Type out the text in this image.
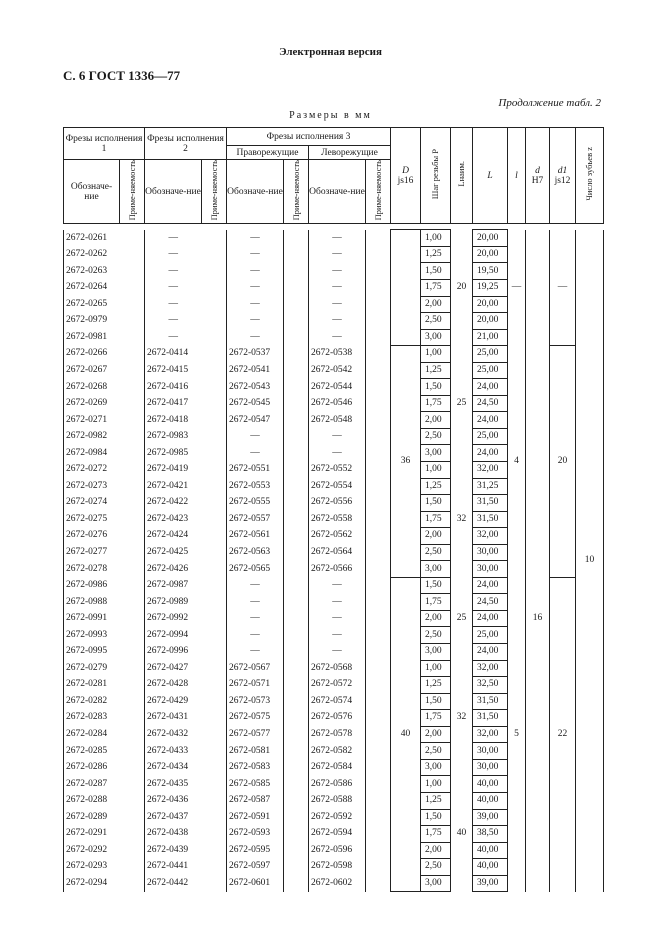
Электронная версия
С. 6 ГОСТ 1336—77
Продолжение табл. 2
Размеры в мм
Фрезы исполнения 1		Фрезы исполнения 2		Фрезы исполнения 3				D
js16	Шаг резьбы P	Lнаим.	L	l	d
H7	d1
js12	Число зубьев z
				Праворежущие		Леворежущие									
Обозначе-ние	Приме-няемость	Обозначе-ние	Приме-няемость	Обозначе-ние	Приме-няемость	Обозначе-ние	Приме-няемость								

2672-0261		—		—		—			1,00	20	20,00	—		—	10
2672-0262		—		—		—			1,25		20,00				
2672-0263		—		—		—			1,50		19,50				
2672-0264		—		—		—			1,75		19,25				
2672-0265		—		—		—			2,00		20,00				
2672-0979		—		—		—			2,50		20,00				
2672-0981		—		—		—			3,00		21,00				
2672-0266		2672-0414		2672-0537		2672-0538		36	1,00	25	25,00	4	16	20	
2672-0267		2672-0415		2672-0541		2672-0542			1,25		25,00				
2672-0268		2672-0416		2672-0543		2672-0544			1,50		24,00				
2672-0269		2672-0417		2672-0545		2672-0546			1,75		24,50				
2672-0271		2672-0418		2672-0547		2672-0548			2,00		24,00				
2672-0982		2672-0983		—		—			2,50		25,00				
2672-0984		2672-0985		—		—			3,00		24,00				
2672-0272		2672-0419		2672-0551		2672-0552			1,00	32	32,00				
2672-0273		2672-0421		2672-0553		2672-0554			1,25		31,25				
2672-0274		2672-0422		2672-0555		2672-0556			1,50		31,50				
2672-0275		2672-0423		2672-0557		2672-0558			1,75		31,50				
2672-0276		2672-0424		2672-0561		2672-0562			2,00		32,00				
2672-0277		2672-0425		2672-0563		2672-0564			2,50		30,00				
2672-0278		2672-0426		2672-0565		2672-0566			3,00		30,00				
2672-0986		2672-0987		—		—		40	1,50	25	24,00	5		22	
2672-0988		2672-0989		—		—			1,75		24,50				
2672-0991		2672-0992		—		—			2,00		24,00				
2672-0993		2672-0994		—		—			2,50		25,00				
2672-0995		2672-0996		—		—			3,00		24,00				
2672-0279		2672-0427		2672-0567		2672-0568			1,00	32	32,00				
2672-0281		2672-0428		2672-0571		2672-0572			1,25		32,50				
2672-0282		2672-0429		2672-0573		2672-0574			1,50		31,50				
2672-0283		2672-0431		2672-0575		2672-0576			1,75		31,50				
2672-0284		2672-0432		2672-0577		2672-0578			2,00		32,00				
2672-0285		2672-0433		2672-0581		2672-0582			2,50		30,00				
2672-0286		2672-0434		2672-0583		2672-0584			3,00		30,00				
2672-0287		2672-0435		2672-0585		2672-0586			1,00	40	40,00				
2672-0288		2672-0436		2672-0587		2672-0588			1,25		40,00				
2672-0289		2672-0437		2672-0591		2672-0592			1,50		39,00				
2672-0291		2672-0438		2672-0593		2672-0594			1,75		38,50				
2672-0292		2672-0439		2672-0595		2672-0596			2,00		40,00				
2672-0293		2672-0441		2672-0597		2672-0598			2,50		40,00				
2672-0294		2672-0442		2672-0601		2672-0602			3,00		39,00				
